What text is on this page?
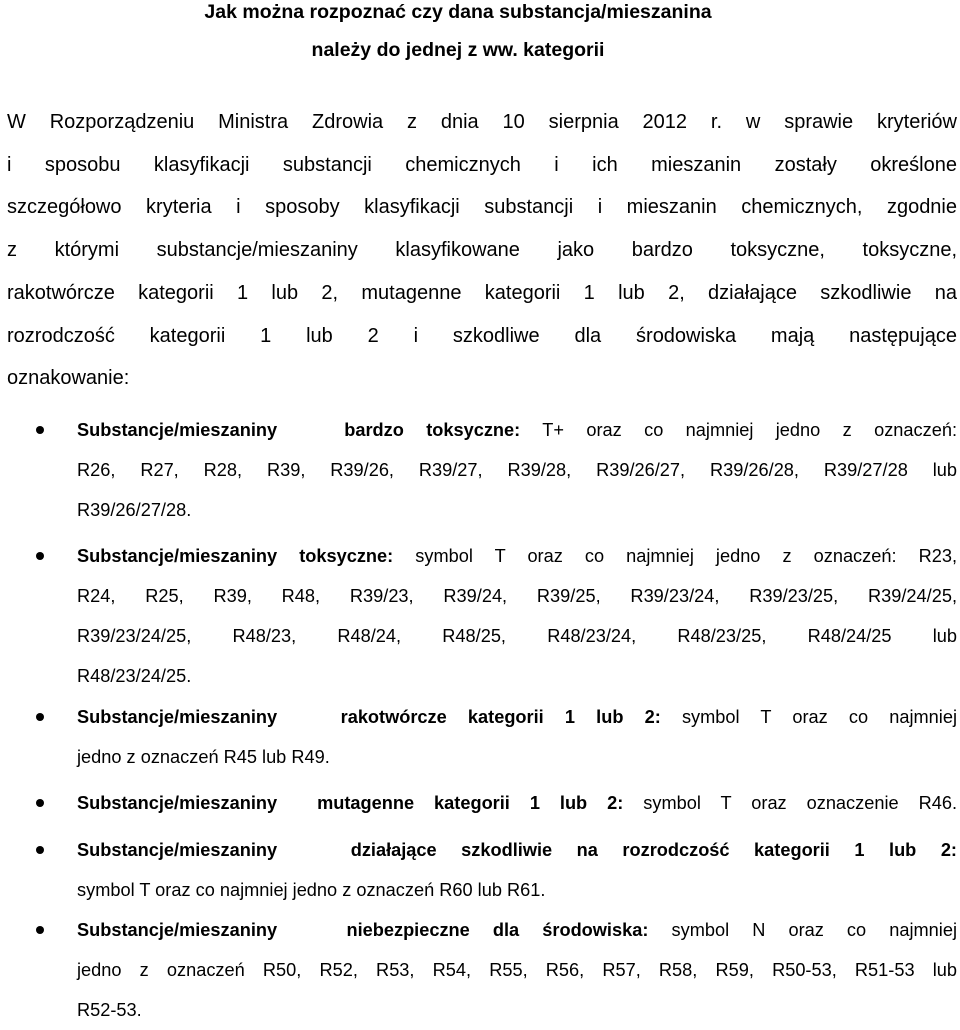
Jak można rozpoznać czy dana substancja/mieszanina
należy do jednej z ww. kategorii
W Rozporządzeniu Ministra Zdrowia z dnia 10 sierpnia 2012 r. w sprawie kryteriów
i sposobu klasyfikacji substancji chemicznych i ich mieszanin zostały określone
szczegółowo kryteria i sposoby klasyfikacji substancji i mieszanin chemicznych, zgodnie
z którymi substancje/mieszaniny klasyfikowane jako bardzo toksyczne, toksyczne,
rakotwórcze kategorii 1 lub 2, mutagenne kategorii 1 lub 2, działające szkodliwie na
rozrodczość kategorii 1 lub 2 i szkodliwe dla środowiska mają następujące
oznakowanie:
Substancje/mieszaniny	bardzo toksyczne: T+ oraz co najmniej jedno z oznaczeń:
R26, R27, R28, R39, R39/26, R39/27, R39/28, R39/26/27, R39/26/28, R39/27/28 lub
R39/26/27/28.
Substancje/mieszaniny toksyczne: symbol T oraz co najmniej jedno z oznaczeń: R23,
R24, R25, R39, R48, R39/23, R39/24, R39/25, R39/23/24, R39/23/25, R39/24/25,
R39/23/24/25, R48/23, R48/24, R48/25, R48/23/24, R48/23/25, R48/24/25 lub
R48/23/24/25.
Substancje/mieszaniny	rakotwórcze kategorii 1 lub 2: symbol T oraz co najmniej
jedno z oznaczeń R45 lub R49.
Substancje/mieszaniny mutagenne kategorii 1 lub 2: symbol T oraz oznaczenie R46.
Substancje/mieszaniny	działające szkodliwie na rozrodczość kategorii 1 lub 2:
symbol T oraz co najmniej jedno z oznaczeń R60 lub R61.
Substancje/mieszaniny	niebezpieczne dla środowiska: symbol N oraz co najmniej
jedno z oznaczeń R50, R52, R53, R54, R55, R56, R57, R58, R59, R50-53, R51-53 lub
R52-53.
